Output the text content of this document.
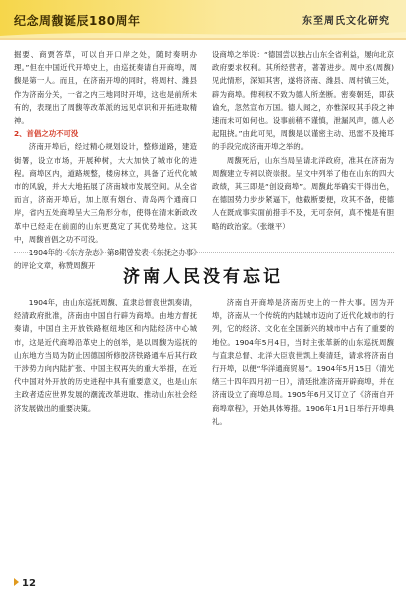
纪念周馥诞辰180周年	东至周氏文化研究

掘要、商贾答草，可以自开口岸之处，随时奏明办理。”但在中国近代开埠史上，由巡抚奏请自开商埠，周馥是第一人。而且，在济南开埠的同时，将周村、潍县作为济南分关，一省之内三地同时开埠，这也是前所未有的，表现出了周馥等改革派的远见卓识和开拓进取精神。

2、首倡之功不可没

济南开埠后，经过精心规划设计，整修道路，建造街署，设立市场，开展种树，大大加快了城市化的进程。商埠区内，道路规整，楼房林立，具备了近代化城市的风貌，并大大地拓展了济南城市发展空间。从全省而言，济南开埠后，加上原有烟台、青岛两个通商口岸，省内五处商埠呈大三角形分布，使得在清末新政改革中已经走在前面的山东更奠定了其优势地位。这其中，周馥首倡之功不可没。

1904年的《东方杂志》第8期曾发表《东抚之办事》的评论文章，称赞周馥开

设商埠之举说：“德国尝以独占山东全省利益，屡向北京政府要求权利。其所经营者，著著进步。周中丞(周馥)见此情形，深知其害，遂将济南、潍县、周村镇三处，辟为商埠。俾利权不致为德人所垄断。密奏朝廷，即获谕允，忽然宣布万国。德人闻之，亦惟深叹其手段之神速而未可如何也。设事前稍不谨慎，泄漏风声，德人必起阻挠。”由此可见，周馥是以谨密主动、迅雷不及掩耳的手段完成济南开埠之举的。

周馥死后，山东当局呈请北洋政府，准其在济南为周馥建立专祠以资崇报。呈文中列举了他在山东的四大政绩，其三即是“创设商埠”。周馥此举确实干得出色，在德国势力步步紧逼下，他截断要便，攻其不备，使德人在既成事实面前措手不及，无可奈何，真不愧是有胆略的政治家。（张继平）

济南人民没有忘记

1904年，由山东巡抚周馥、直隶总督袁世凯奏请，经清政府批准，济南由中国自行辟为商埠。由地方督抚奏请，中国自主开放铁路枢纽地区和内陆经济中心城市，这是近代商埠沿革史上的创举，是以周馥为巡抚的山东地方当局为防止因德国所修胶济铁路通车后其行政干涉势力向内陆扩张、中国主权再失的重大举措，在近代中国对外开放的历史进程中具有重要意义，也是山东主政者适应世界发展的潮流改革进取、推动山东社会经济发展做出的重要决策。

济南自开商埠是济南历史上的一件大事。因为开埠，济南从一个传统的内陆城市迈向了近代化城市的行列，它的经济、文化在全国新兴的城市中占有了重要的地位。1904年5月4日，当时主张革新的山东巡抚周馥与直隶总督、北洋大臣袁世凯上奏清廷，请求将济南自行开埠，以便“华洋通商贸易”。1904年5月15日（清光绪三十四年四月初一日），清廷批准济南开辟商埠，并在济南设立了商埠总局。1905年6月又订立了《济南自开商埠章程》，开始具体筹措。1906年1月1日举行开埠典礼。

12
